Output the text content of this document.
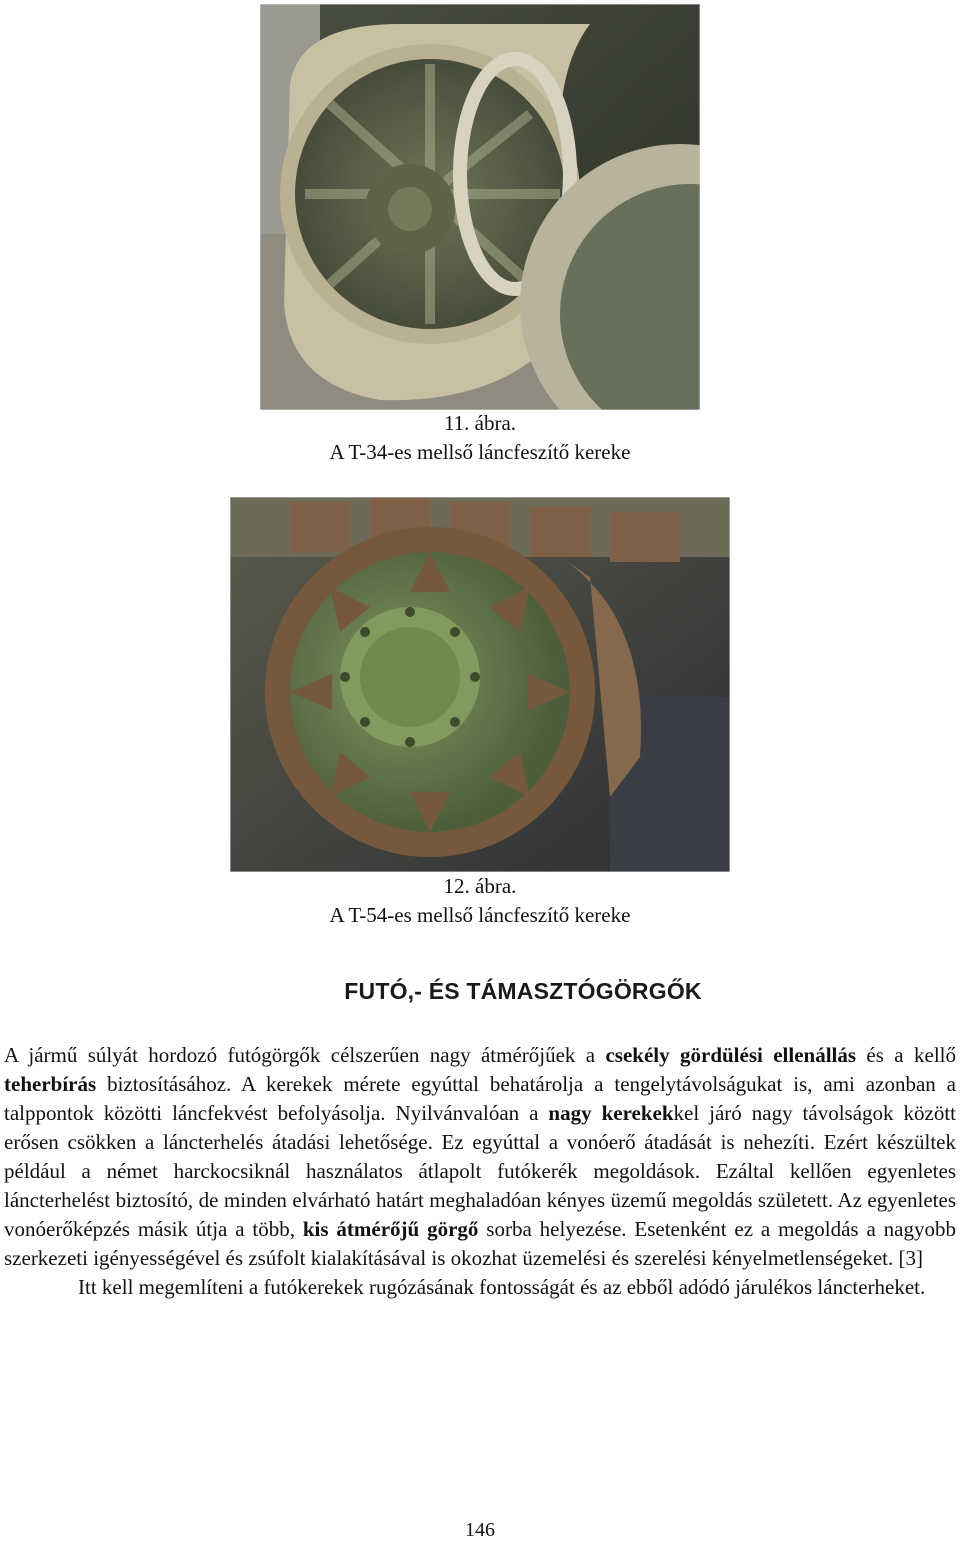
11. ábra.

A T-34-es mellső láncfeszítő kereke

12. ábra.

A T-54-es mellső láncfeszítő kereke

FUTÓ,- ÉS TÁMASZTÓGÖRGŐK

A jármű súlyát hordozó futógörgők célszerűen nagy átmérőjűek a csekély gördülési ellenállás és a kellő teherbírás biztosításához. A kerekek mérete egyúttal behatárolja a tengelytávolságukat is, ami azonban a talppontok közötti láncfekvést befolyásolja. Nyilvánvalóan a nagy kerekekkel járó nagy távolságok között erősen csökken a láncterhelés átadási lehetősége. Ez egyúttal a vonóerő átadását is nehezíti. Ezért készültek például a német harckocsiknál használatos átlapolt futókerék megoldások. Ezáltal kellően egyenletes láncterhelést biztosító, de minden elvárható határt meghaladóan kényes üzemű megoldás született. Az egyenletes vonóerőképzés másik útja a több, kis átmérőjű görgő sorba helyezése. Esetenként ez a megoldás a nagyobb szerkezeti igényességével és zsúfolt kialakításával is okozhat üzemelési és szerelési kényelmetlenségeket. [3]

Itt kell megemlíteni a futókerekek rugózásának fontosságát és az ebből adódó járulékos láncterheket.

146
